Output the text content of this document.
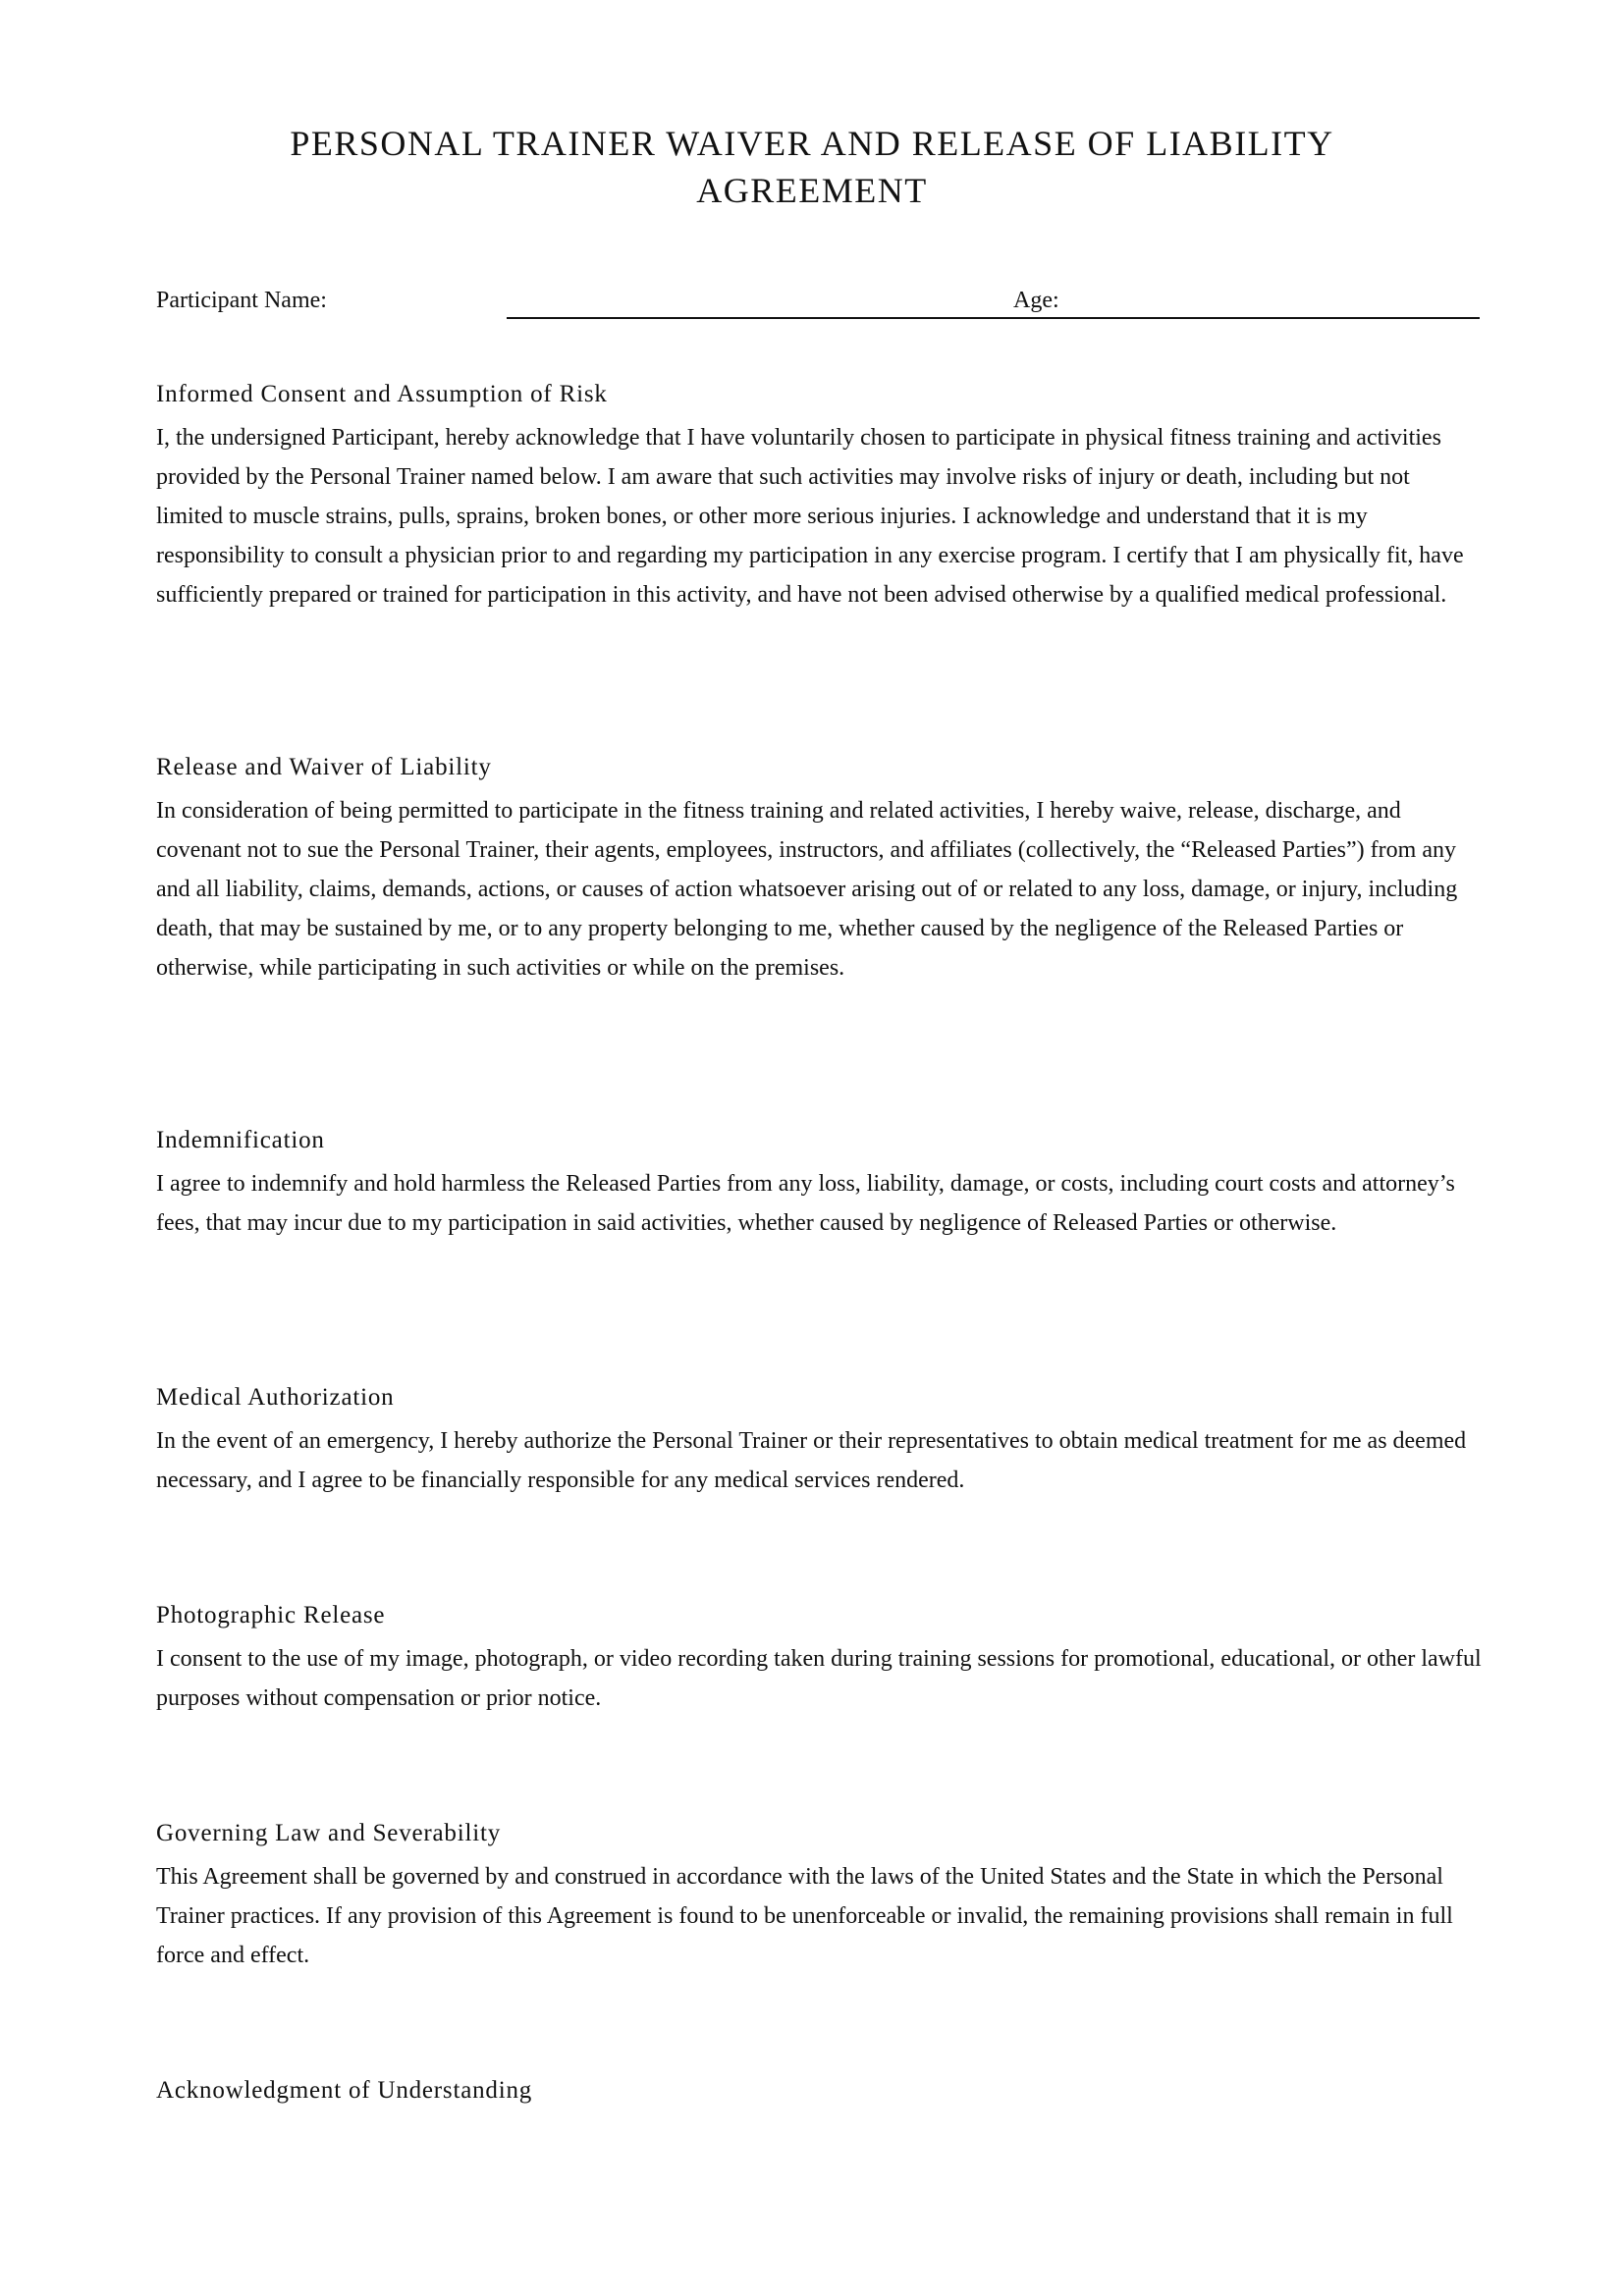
PERSONAL TRAINER WAIVER AND RELEASE OF LIABILITY AGREEMENT
Participant Name:	Age:
Informed Consent and Assumption of Risk

I, the undersigned Participant, hereby acknowledge that I have voluntarily chosen to participate in physical fitness training and activities provided by the Personal Trainer named below. I am aware that such activities may involve risks of injury or death, including but not limited to muscle strains, pulls, sprains, broken bones, or other more serious injuries. I acknowledge and understand that it is my responsibility to consult a physician prior to and regarding my participation in any exercise program. I certify that I am physically fit, have sufficiently prepared or trained for participation in this activity, and have not been advised otherwise by a qualified medical professional.

Release and Waiver of Liability

In consideration of being permitted to participate in the fitness training and related activities, I hereby waive, release, discharge, and covenant not to sue the Personal Trainer, their agents, employees, instructors, and affiliates (collectively, the “Released Parties”) from any and all liability, claims, demands, actions, or causes of action whatsoever arising out of or related to any loss, damage, or injury, including death, that may be sustained by me, or to any property belonging to me, whether caused by the negligence of the Released Parties or otherwise, while participating in such activities or while on the premises.

Indemnification

I agree to indemnify and hold harmless the Released Parties from any loss, liability, damage, or costs, including court costs and attorney’s fees, that may incur due to my participation in said activities, whether caused by negligence of Released Parties or otherwise.

Medical Authorization

In the event of an emergency, I hereby authorize the Personal Trainer or their representatives to obtain medical treatment for me as deemed necessary, and I agree to be financially responsible for any medical services rendered.

Photographic Release

I consent to the use of my image, photograph, or video recording taken during training sessions for promotional, educational, or other lawful purposes without compensation or prior notice.

Governing Law and Severability

This Agreement shall be governed by and construed in accordance with the laws of the United States and the State in which the Personal Trainer practices. If any provision of this Agreement is found to be unenforceable or invalid, the remaining provisions shall remain in full force and effect.

Acknowledgment of Understanding
